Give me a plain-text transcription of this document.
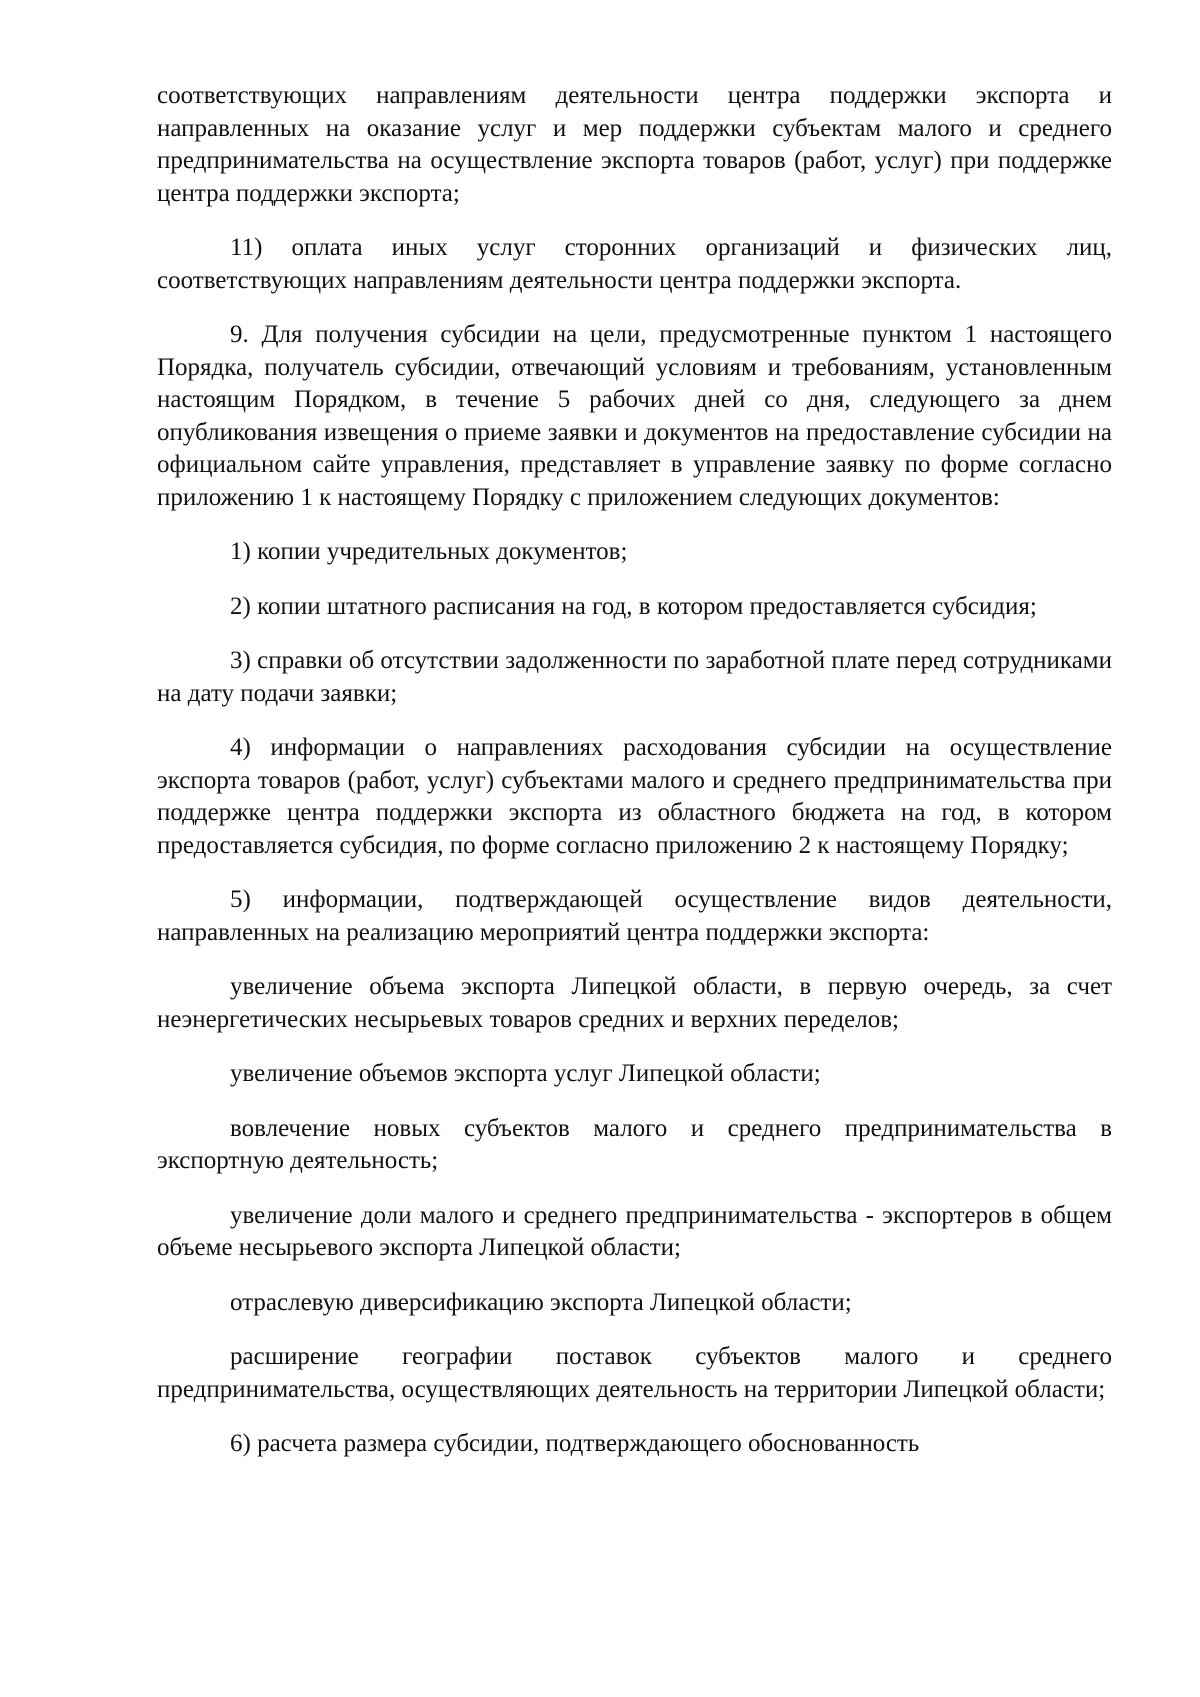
соответствующих направлениям деятельности центра поддержки экспорта и направленных на оказание услуг и мер поддержки субъектам малого и среднего предпринимательства на осуществление экспорта товаров (работ, услуг) при поддержке центра поддержки экспорта;

11) оплата иных услуг сторонних организаций и физических лиц, соответствующих направлениям деятельности центра поддержки экспорта.

9. Для получения субсидии на цели, предусмотренные пунктом 1 настоящего Порядка, получатель субсидии, отвечающий условиям и требованиям, установленным настоящим Порядком, в течение 5 рабочих дней со дня, следующего за днем опубликования извещения о приеме заявки и документов на предоставление субсидии на официальном сайте управления, представляет в управление заявку по форме согласно приложению 1 к настоящему Порядку с приложением следующих документов:

1) копии учредительных документов;

2) копии штатного расписания на год, в котором предоставляется субсидия;

3) справки об отсутствии задолженности по заработной плате перед сотрудниками на дату подачи заявки;

4) информации о направлениях расходования субсидии на осуществление экспорта товаров (работ, услуг) субъектами малого и среднего предпринимательства при поддержке центра поддержки экспорта из областного бюджета на год, в котором предоставляется субсидия, по форме согласно приложению 2 к настоящему Порядку;

5) информации, подтверждающей осуществление видов деятельности, направленных на реализацию мероприятий центра поддержки экспорта:

увеличение объема экспорта Липецкой области, в первую очередь, за счет неэнергетических несырьевых товаров средних и верхних переделов;

увеличение объемов экспорта услуг Липецкой области;

вовлечение новых субъектов малого и среднего предпринимательства в экспортную деятельность;

увеличение доли малого и среднего предпринимательства - экспортеров в общем объеме несырьевого экспорта Липецкой области;

отраслевую диверсификацию экспорта Липецкой области;

расширение географии поставок субъектов малого и среднего предпринимательства, осуществляющих деятельность на территории Липецкой области;

6) расчета размера субсидии, подтверждающего обоснованность
